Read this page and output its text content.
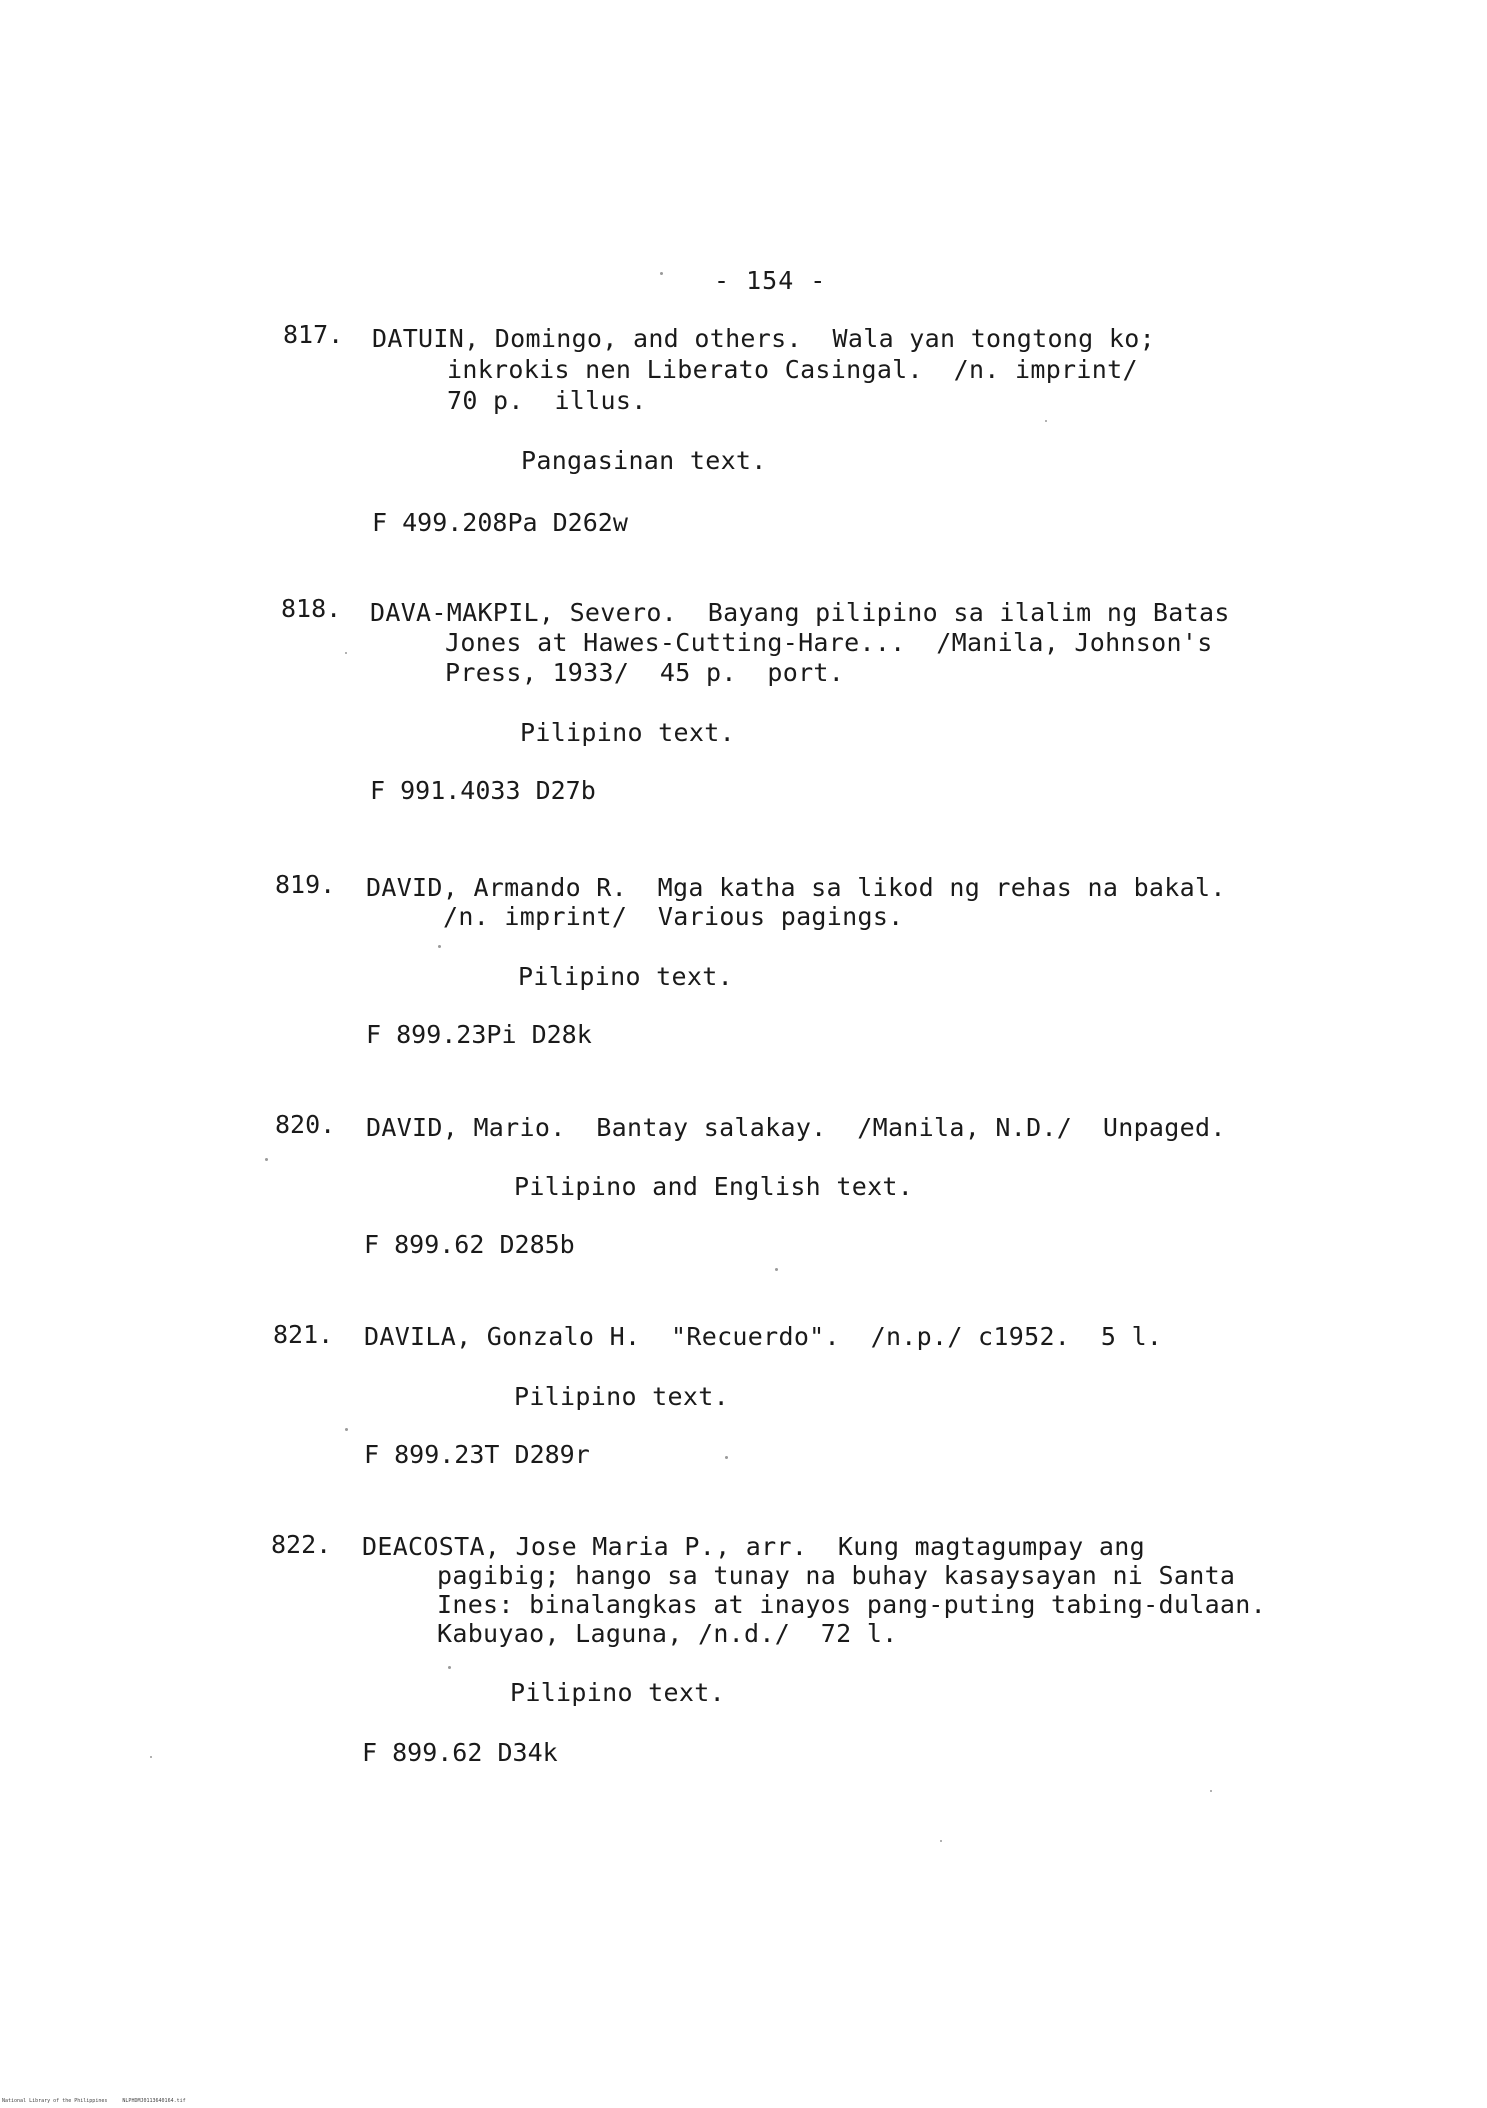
- 154 -
817. DATUIN, Domingo, and others.  Wala yan tongtong ko;
inkrokis nen Liberato Casingal.  /n. imprint/
70 p.  illus.
Pangasinan text.
F 499.208Pa D262w
818. DAVA-MAKPIL, Severo.  Bayang pilipino sa ilalim ng Batas
Jones at Hawes-Cutting-Hare...  /Manila, Johnson's
Press, 1933/  45 p.  port.
Pilipino text.
F 991.4033 D27b
819. DAVID, Armando R.  Mga katha sa likod ng rehas na bakal.
/n. imprint/  Various pagings.
Pilipino text.
F 899.23Pi D28k
820. DAVID, Mario.  Bantay salakay.  /Manila, N.D./  Unpaged.
Pilipino and English text.
F 899.62 D285b
821. DAVILA, Gonzalo H.  "Recuerdo".  /n.p./ c1952.  5 l.
Pilipino text.
F 899.23T D289r
822. DEACOSTA, Jose Maria P., arr.  Kung magtagumpay ang
pagibig; hango sa tunay na buhay kasaysayan ni Santa
Ines: binalangkas at inayos pang-puting tabing-dulaan.
Kabuyao, Laguna, /n.d./  72 l.
Pilipino text.
F 899.62 D34k
National Library of the Philippines     NLPHDMJ0113640164.tif
